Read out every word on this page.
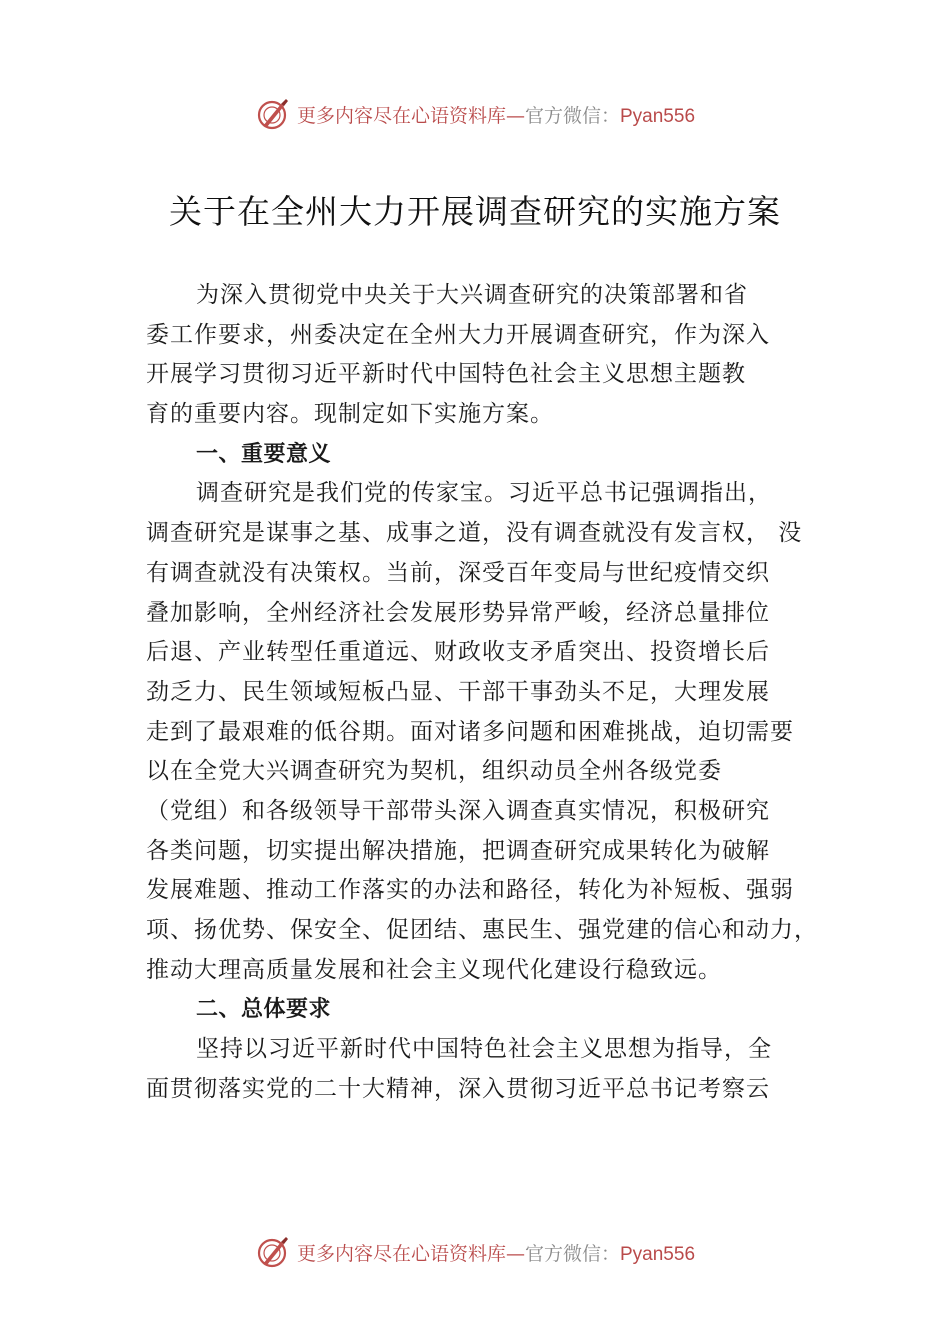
更多内容尽在心语资料库—官方微信：Pyan556
关于在全州大力开展调查研究的实施方案
为深入贯彻党中央关于大兴调查研究的决策部署和省
委工作要求，州委决定在全州大力开展调查研究，作为深入
开展学习贯彻习近平新时代中国特色社会主义思想主题教
育的重要内容。现制定如下实施方案。
一、重要意义
调查研究是我们党的传家宝。习近平总书记强调指出，
调查研究是谋事之基、成事之道，没有调查就没有发言权， 没
有调查就没有决策权。当前，深受百年变局与世纪疫情交织
叠加影响，全州经济社会发展形势异常严峻，经济总量排位
后退、产业转型任重道远、财政收支矛盾突出、投资增长后
劲乏力、民生领域短板凸显、干部干事劲头不足，大理发展
走到了最艰难的低谷期。面对诸多问题和困难挑战，迫切需要
以在全党大兴调查研究为契机，组织动员全州各级党委
（党组）和各级领导干部带头深入调查真实情况，积极研究
各类问题，切实提出解决措施，把调查研究成果转化为破解
发展难题、推动工作落实的办法和路径，转化为补短板、强弱
项、扬优势、保安全、促团结、惠民生、强党建的信心和动力，
推动大理高质量发展和社会主义现代化建设行稳致远。
二、总体要求
坚持以习近平新时代中国特色社会主义思想为指导，全
面贯彻落实党的二十大精神，深入贯彻习近平总书记考察云
更多内容尽在心语资料库—官方微信：Pyan556
